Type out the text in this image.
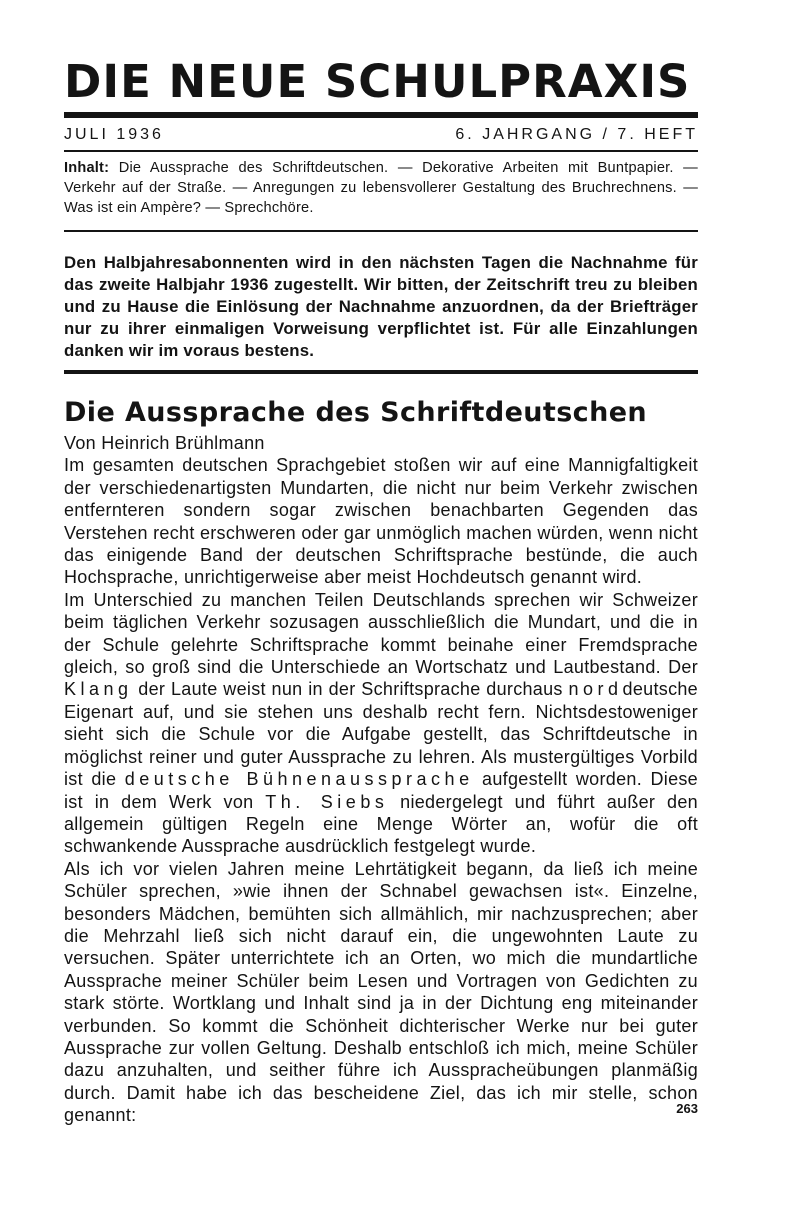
DIE NEUE SCHULPRAXIS
JULI 1936	6. JAHRGANG / 7. HEFT
Inhalt: Die Aussprache des Schriftdeutschen. — Dekorative Arbeiten mit Buntpapier. — Verkehr auf der Straße. — Anregungen zu lebensvollerer Gestaltung des Bruchrechnens. — Was ist ein Ampère? — Sprechchöre.
Den Halbjahresabonnenten wird in den nächsten Tagen die Nachnahme für das zweite Halbjahr 1936 zugestellt. Wir bitten, der Zeitschrift treu zu bleiben und zu Hause die Einlösung der Nachnahme anzuordnen, da der Briefträger nur zu ihrer einmaligen Vorweisung verpflichtet ist. Für alle Einzahlungen danken wir im voraus bestens.
Die Aussprache des Schriftdeutschen
Von Heinrich Brühlmann

Im gesamten deutschen Sprachgebiet stoßen wir auf eine Mannigfaltigkeit der verschiedenartigsten Mundarten, die nicht nur beim Verkehr zwischen entfernteren sondern sogar zwischen benachbarten Gegenden das Verstehen recht erschweren oder gar unmöglich machen würden, wenn nicht das einigende Band der deutschen Schriftsprache bestünde, die auch Hochsprache, unrichtigerweise aber meist Hochdeutsch genannt wird.

Im Unterschied zu manchen Teilen Deutschlands sprechen wir Schweizer beim täglichen Verkehr sozusagen ausschließlich die Mundart, und die in der Schule gelehrte Schriftsprache kommt beinahe einer Fremdsprache gleich, so groß sind die Unterschiede an Wortschatz und Lautbestand. Der Klang der Laute weist nun in der Schriftsprache durchaus norddeutsche Eigenart auf, und sie stehen uns deshalb recht fern. Nichtsdestoweniger sieht sich die Schule vor die Aufgabe gestellt, das Schriftdeutsche in möglichst reiner und guter Aussprache zu lehren. Als mustergültiges Vorbild ist die deutsche Bühnenaussprache aufgestellt worden. Diese ist in dem Werk von Th. Siebs niedergelegt und führt außer den allgemein gültigen Regeln eine Menge Wörter an, wofür die oft schwankende Aussprache ausdrücklich festgelegt wurde.

Als ich vor vielen Jahren meine Lehrtätigkeit begann, da ließ ich meine Schüler sprechen, »wie ihnen der Schnabel gewachsen ist«. Einzelne, besonders Mädchen, bemühten sich allmählich, mir nachzusprechen; aber die Mehrzahl ließ sich nicht darauf ein, die ungewohnten Laute zu versuchen. Später unterrichtete ich an Orten, wo mich die mundartliche Aussprache meiner Schüler beim Lesen und Vortragen von Gedichten zu stark störte. Wortklang und Inhalt sind ja in der Dichtung eng miteinander verbunden. So kommt die Schönheit dichterischer Werke nur bei guter Aussprache zur vollen Geltung. Deshalb entschloß ich mich, meine Schüler dazu anzuhalten, und seither führe ich Ausspracheübungen planmäßig durch. Damit habe ich das bescheidene Ziel, das ich mir stelle, schon genannt:	263
